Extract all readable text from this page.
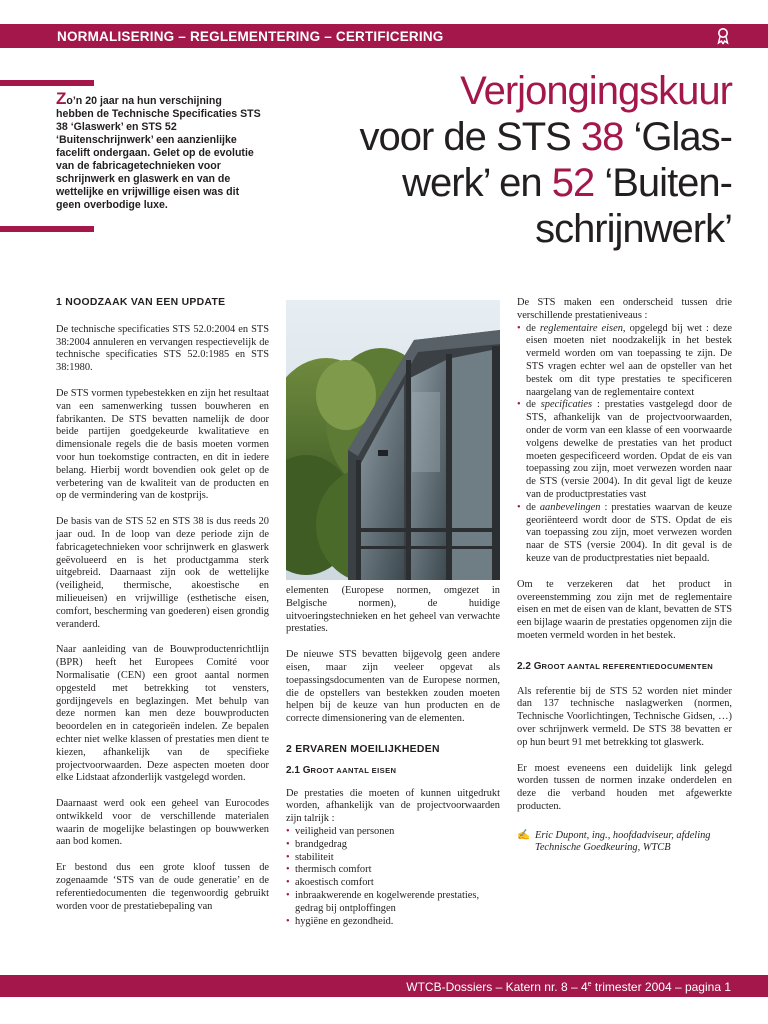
NORMALISERING – REGLEMENTERING – CERTIFICERING
Zo’n 20 jaar na hun verschijning hebben de Technische Specificaties STS 38 ‘Glaswerk’ en STS 52 ‘Buitenschrijnwerk’ een aanzienlijke facelift ondergaan. Gelet op de evolutie van de fabricagetechnieken voor schrijnwerk en glaswerk en van de wettelijke en vrijwillige eisen was dit geen overbodige luxe.
Verjongingskuur
voor de STS 38 ‘Glas-
werk’ en 52 ‘Buiten-
schrijnwerk’
1 NOODZAAK VAN EEN UPDATE

De technische specificaties STS 52.0:2004 en STS 38:2004 annuleren en vervangen respectievelijk de technische specificaties STS 52.0:1985 en STS 38:1980.

De STS vormen typebestekken en zijn het resultaat van een samenwerking tussen bouwheren en fabrikanten. De STS bevatten namelijk de door beide partijen goedgekeurde kwalitatieve en dimensionale regels die de basis moeten vormen voor hun toekomstige contracten, en dit in iedere belang. Hierbij wordt bovendien ook gelet op de verbetering van de kwaliteit van de producten en op de vermindering van de kostprijs.

De basis van de STS 52 en STS 38 is dus reeds 20 jaar oud. In de loop van deze periode zijn de fabricagetechnieken voor schrijnwerk en glaswerk geëvolueerd en is het productgamma sterk uitgebreid. Daarnaast zijn ook de wettelijke (veiligheid, thermische, akoestische en milieueisen) en vrijwillige (esthetische eisen, comfort, bescherming van goederen) eisen grondig veranderd.

Naar aanleiding van de Bouwproductenrichtlijn (BPR) heeft het Europees Comité voor Normalisatie (CEN) een groot aantal normen opgesteld met betrekking tot vensters, gordijngevels en beglazingen. Met behulp van deze normen kan men deze bouwproducten beoordelen en in categorieën indelen. Ze bepalen echter niet welke klassen of prestaties men dient te kiezen, afhankelijk van de specifieke projectvoorwaarden. Deze aspecten moeten door elke Lidstaat afzonderlijk vastgelegd worden.

Daarnaast werd ook een geheel van Eurocodes ontwikkeld voor de verschillende materialen waarin de mogelijke belastingen op bouwwerken aan bod komen.

Er bestond dus een grote kloof tussen de zogenaamde ‘STS van de oude generatie’ en de referentiedocumenten die tegenwoordig gebruikt worden voor de prestatiebepaling van

elementen (Europese normen, omgezet in Belgische normen), de huidige uitvoeringstechnieken en het geheel van verwachte prestaties.

De nieuwe STS bevatten bijgevolg geen andere eisen, maar zijn veeleer opgevat als toepassingsdocumenten van de Europese normen, die de opstellers van bestekken zouden moeten helpen bij de keuze van hun producten en de correcte dimensionering van de elementen.

2 ERVAREN MOEILIJKHEDEN
2.1 GROOT AANTAL EISEN

De prestaties die moeten of kunnen uitgedrukt worden, afhankelijk van de projectvoorwaarden zijn talrijk :

• veiligheid van personen
• brandgedrag
• stabiliteit
• thermisch comfort
• akoestisch comfort
• inbraakwerende en kogelwerende prestaties, gedrag bij ontploffingen
• hygiëne en gezondheid.

De STS maken een onderscheid tussen drie verschillende prestatieniveaus :

• de reglementaire eisen, opgelegd bij wet : deze eisen moeten niet noodzakelijk in het bestek vermeld worden om van toepassing te zijn. De STS vragen echter wel aan de opsteller van het bestek om dit type prestaties te specificeren naargelang van de reglementaire context
• de specificaties : prestaties vastgelegd door de STS, afhankelijk van de projectvoorwaarden, onder de vorm van een klasse of een voorwaarde volgens dewelke de prestaties van het product moeten gespecificeerd worden. Opdat de eis van toepassing zou zijn, moet verwezen worden naar de STS (versie 2004). In dit geval ligt de keuze van de productprestaties vast
• de aanbevelingen : prestaties waarvan de keuze georiënteerd wordt door de STS. Opdat de eis van toepassing zou zijn, moet verwezen worden naar de STS (versie 2004). In dit geval is de keuze van de productprestaties niet bepaald.

Om te verzekeren dat het product in overeenstemming zou zijn met de reglementaire eisen en met de eisen van de klant, bevatten de STS een bijlage waarin de prestaties opgenomen zijn die moeten vermeld worden in het bestek.

2.2 GROOT AANTAL REFERENTIEDOCUMENTEN

Als referentie bij de STS 52 worden niet minder dan 137 technische naslagwerken (normen, Technische Voorlichtingen, Technische Gidsen, …) over schrijnwerk vermeld. De STS 38 bevatten er op hun beurt 91 met betrekking tot glaswerk.

Er moest eveneens een duidelijk link gelegd worden tussen de normen inzake onderdelen en deze die verband houden met afgewerkte producten.

✍ Eric Dupont, ing., hoofdadviseur, afdeling Technische Goedkeuring, WTCB
WTCB-Dossiers – Katern nr. 8 – 4e trimester 2004 – pagina 1
